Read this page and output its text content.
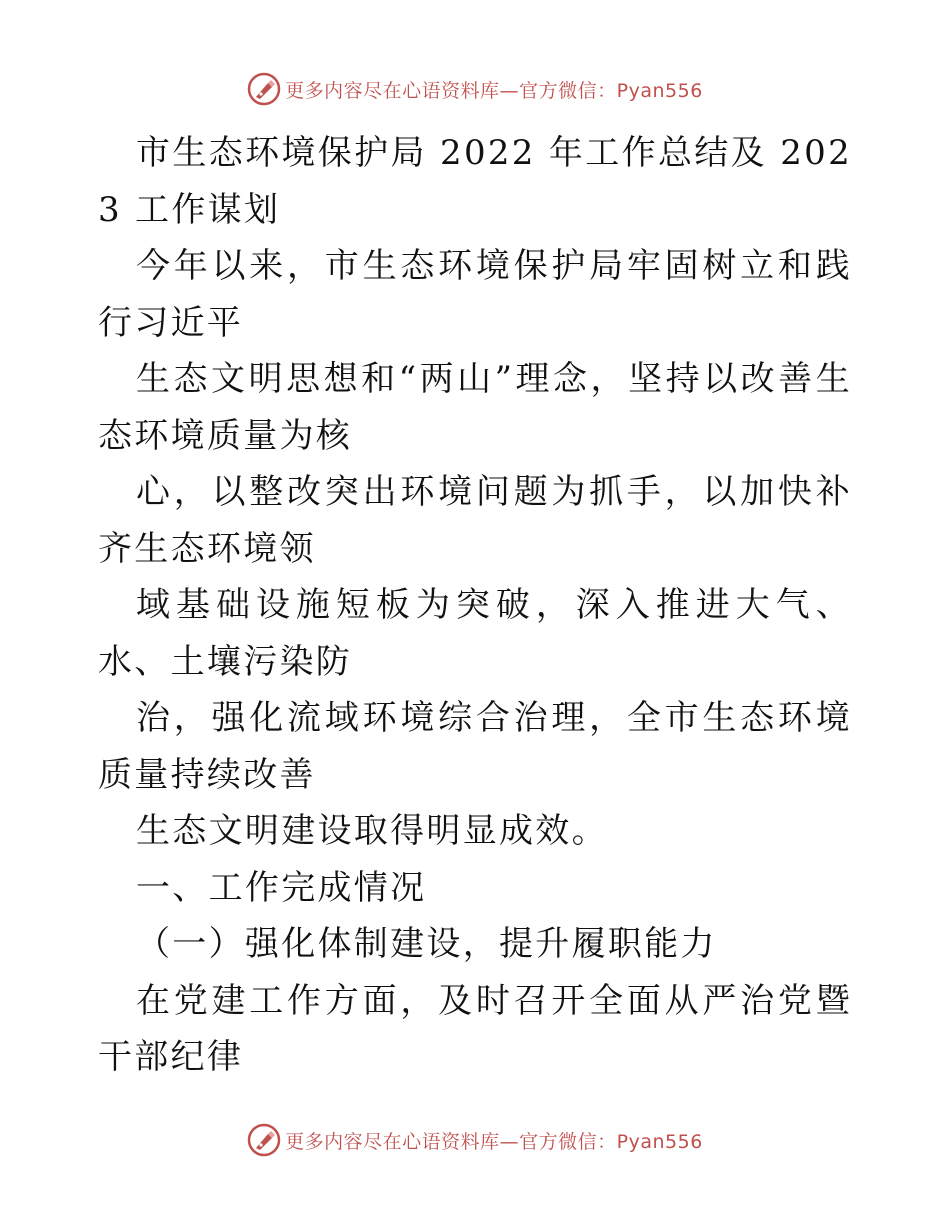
更多内容尽在心语资料库—官方微信：Pyan556

市生态环境保护局 2022 年工作总结及 2023 工作谋划

今年以来，市生态环境保护局牢固树立和践行习近平

生态文明思想和“两山”理念，坚持以改善生态环境质量为核

心，以整改突出环境问题为抓手，以加快补齐生态环境领

域基础设施短板为突破，深入推进大气、水、土壤污染防

治，强化流域环境综合治理，全市生态环境质量持续改善

生态文明建设取得明显成效。

一、工作完成情况

（一）强化体制建设，提升履职能力

在党建工作方面，及时召开全面从严治党暨干部纪律

更多内容尽在心语资料库—官方微信：Pyan556
